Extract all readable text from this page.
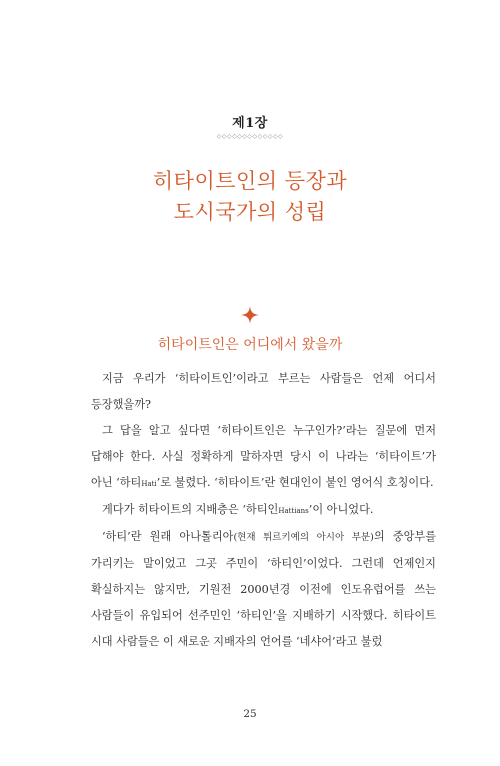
제1장
◇◇◇◇◇◇◇◇◇◇◇◇◇
히타이트인의 등장과
도시국가의 성립
히타이트인은 어디에서 왔을까

지금 우리가 ‘히타이트인’이라고 부르는 사람들은 언제 어디서 등장했을까?

그 답을 알고 싶다면 ‘히타이트인은 누구인가?’라는 질문에 먼저 답해야 한다. 사실 정확하게 말하자면 당시 이 나라는 ‘히타이트’가 아닌 ‘하티Hati’로 불렸다. ‘히타이트’란 현대인이 붙인 영어식 호칭이다.

게다가 히타이트의 지배층은 ‘하티인Hattians’이 아니었다.

‘하티’란 원래 아나톨리아(현재 튀르키예의 아시아 부분)의 중앙부를 가리키는 말이었고 그곳 주민이 ‘하티인’이었다. 그런데 언제인지 확실하지는 않지만, 기원전 2000년경 이전에 인도유럽어를 쓰는 사람들이 유입되어 선주민인 ‘하티인’을 지배하기 시작했다. 히타이트 시대 사람들은 이 새로운 지배자의 언어를 ‘네샤어’라고 불렀

25
